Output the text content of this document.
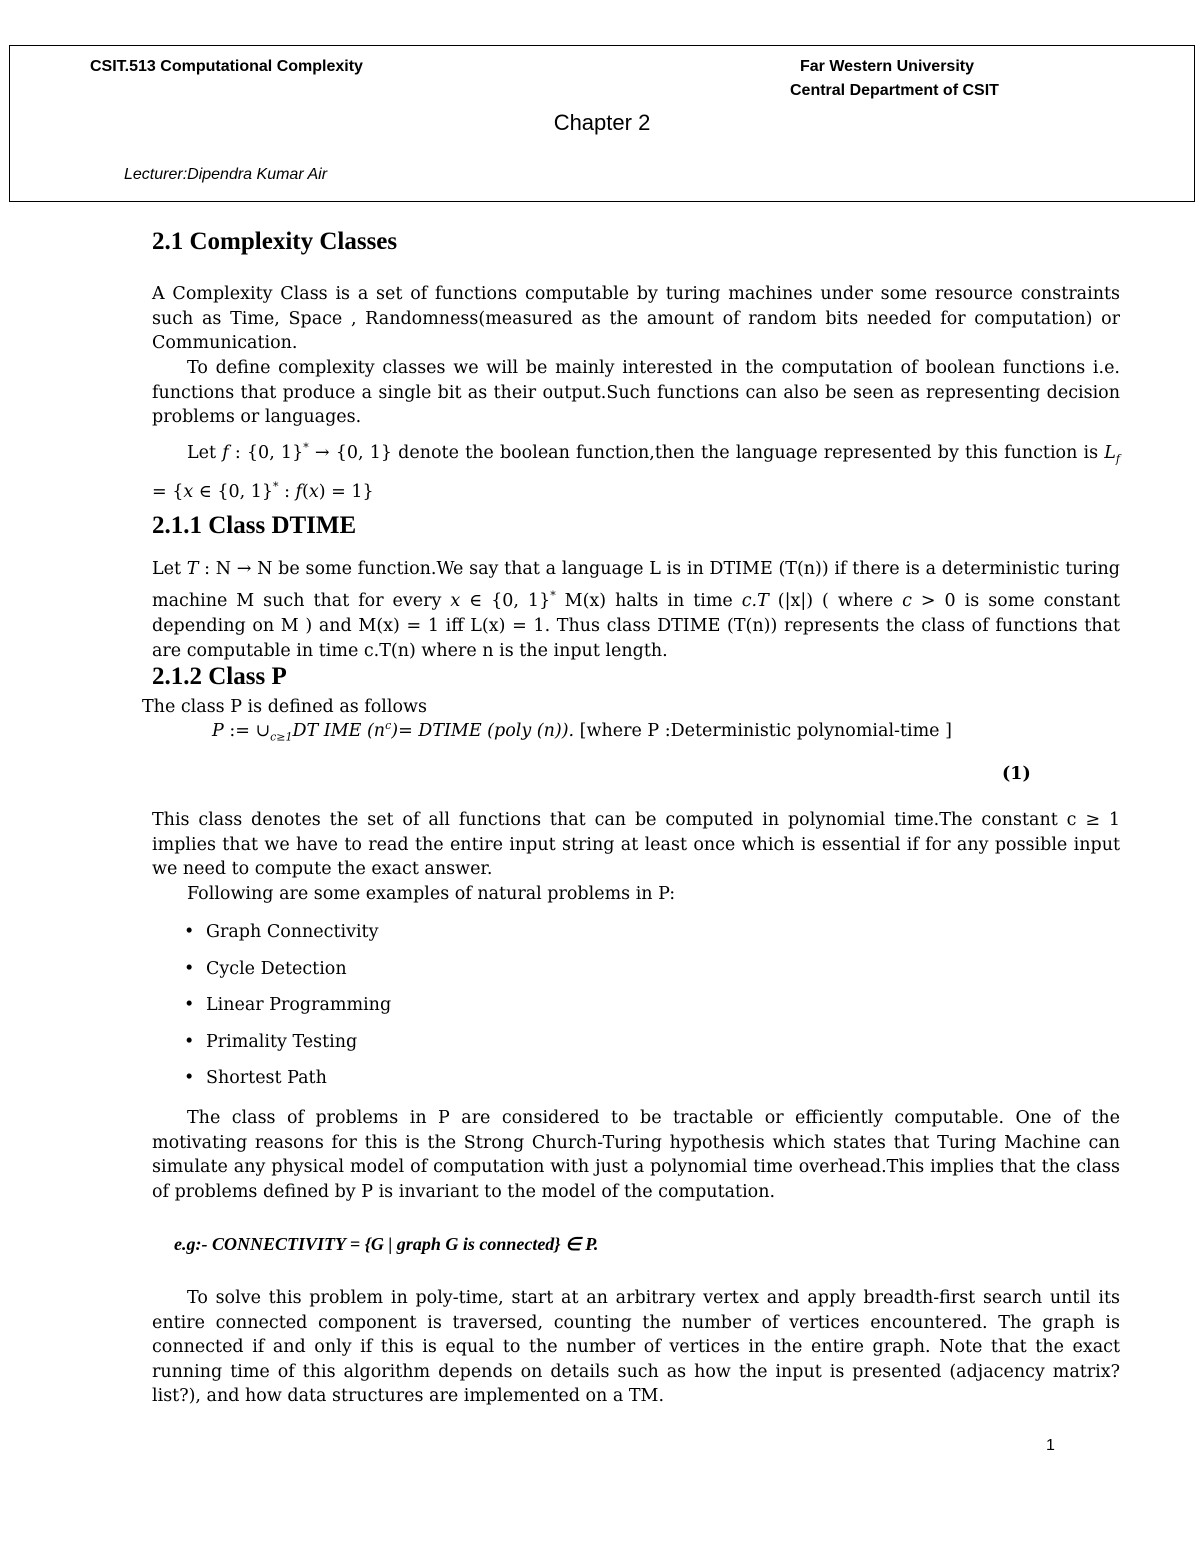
CSIT.513 Computational Complexity	Far Western University
Central Department of CSIT
Chapter 2
Lecturer:Dipendra Kumar Air
2.1 Complexity Classes

A Complexity Class is a set of functions computable by turing machines under some resource constraints such as Time, Space , Randomness(measured as the amount of random bits needed for computation) or Communication.

To define complexity classes we will be mainly interested in the computation of boolean functions i.e. functions that produce a single bit as their output.Such functions can also be seen as representing decision problems or languages.

Let f : {0, 1}* → {0, 1} denote the boolean function,then the language represented by this function is $L_f = \{x$ ∈ {0, 1}* : f(x) = 1}

2.1.1 Class DTIME

Let T : N → N be some function.We say that a language L is in DTIME (T(n)) if there is a deterministic turing machine M such that for every x ∈ {0, 1}* M(x) halts in time c.T (|x|) ( where c > 0 is some constant depending on M ) and M(x) = 1 iff L(x) = 1. Thus class DTIME (T(n)) represents the class of functions that are computable in time c.T(n) where n is the input length.

2.1.2 Class P

The class P is defined as follows

P := $\cup_{c\ge 1}DT$ IME $(n^c)=$ DTIME (poly (n)). [where P :Deterministic polynomial-time ]
(1)

This class denotes the set of all functions that can be computed in polynomial time.The constant c ≥ 1 implies that we have to read the entire input string at least once which is essential if for any possible input we need to compute the exact answer.

Following are some examples of natural problems in P:

• Graph Connectivity
• Cycle Detection
• Linear Programming
• Primality Testing
• Shortest Path

The class of problems in P are considered to be tractable or efficiently computable. One of the motivating reasons for this is the Strong Church-Turing hypothesis which states that Turing Machine can simulate any physical model of computation with just a polynomial time overhead.This implies that the class of problems defined by P is invariant to the model of the computation.

e.g:- CONNECTIVITY = {G | graph G is connected} ∈ P.

To solve this problem in poly-time, start at an arbitrary vertex and apply breadth-first search until its entire connected component is traversed, counting the number of vertices encountered. The graph is connected if and only if this is equal to the number of vertices in the entire graph. Note that the exact running time of this algorithm depends on details such as how the input is presented (adjacency matrix? list?), and how data structures are implemented on a TM.

1
